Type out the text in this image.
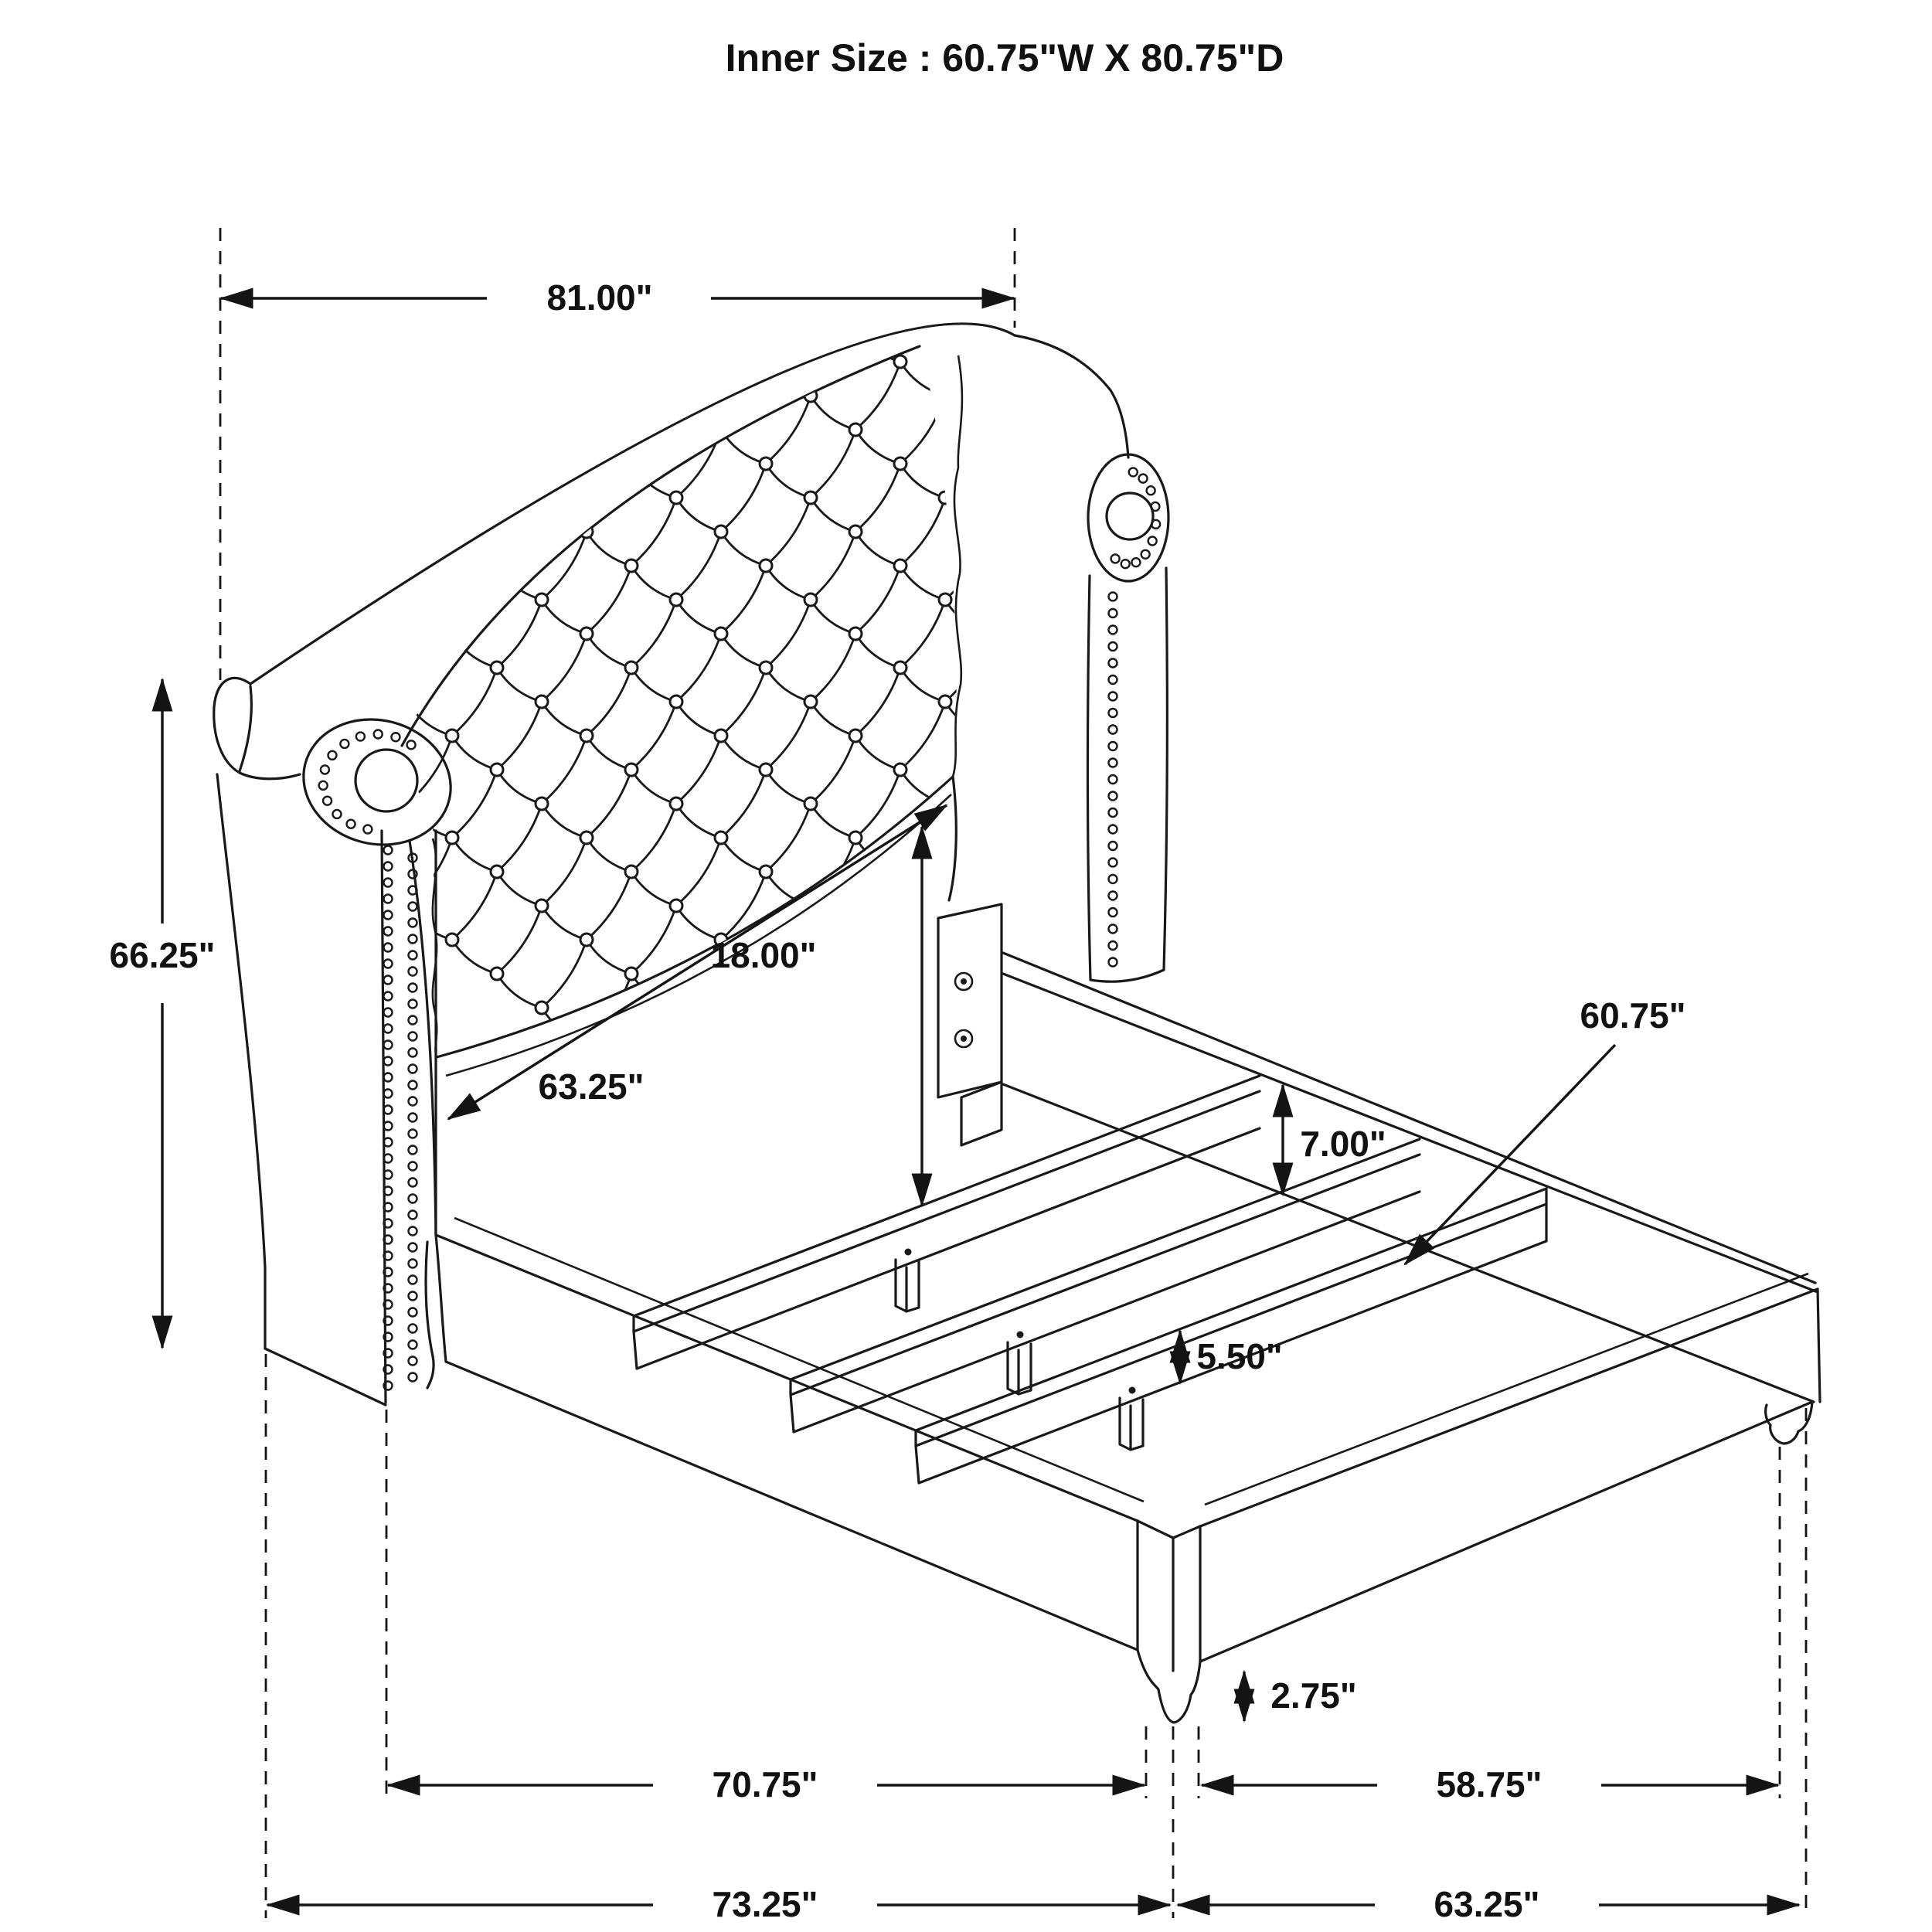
Inner Size : 60.75"W X 80.75"D
81.00"
66.25"
63.25"
18.00"
60.75"
7.00"
5.50"
2.75"
70.75"	58.75"
73.25"	63.25"
